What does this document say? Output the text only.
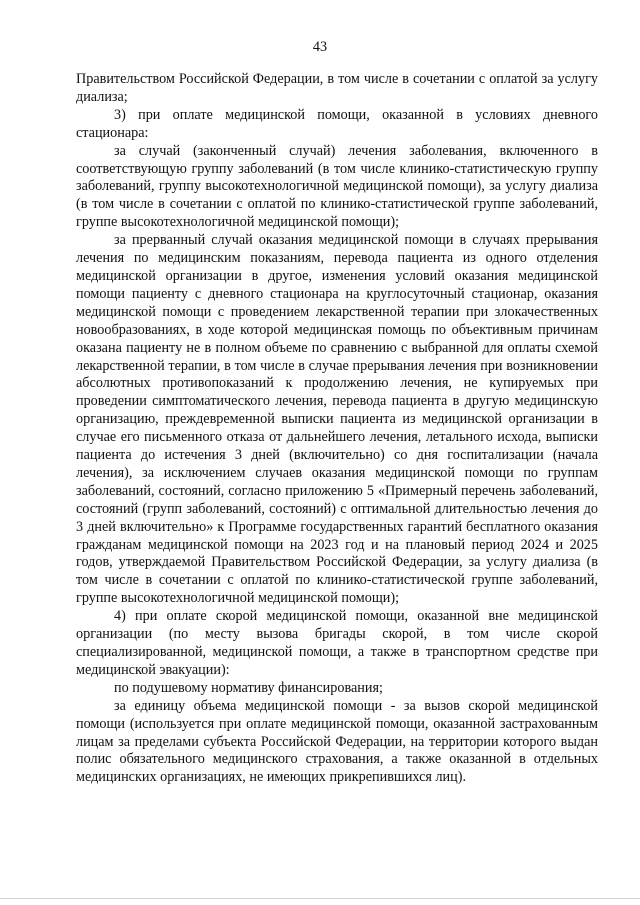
43

Правительством Российской Федерации, в том числе в сочетании с оплатой за услугу диализа;

3) при оплате медицинской помощи, оказанной в условиях дневного стационара:

за случай (законченный случай) лечения заболевания, включенного в соответствующую группу заболеваний (в том числе клинико-статистическую группу заболеваний, группу высокотехнологичной медицинской помощи), за услугу диализа (в том числе в сочетании с оплатой по клинико-статистической группе заболеваний, группе высокотехнологичной медицинской помощи);

за прерванный случай оказания медицинской помощи в случаях прерывания лечения по медицинским показаниям, перевода пациента из одного отделения медицинской организации в другое, изменения условий оказания медицинской помощи пациенту с дневного стационара на круглосуточный стационар, оказания медицинской помощи с проведением лекарственной терапии при злокачественных новообразованиях, в ходе которой медицинская помощь по объективным причинам оказана пациенту не в полном объеме по сравнению с выбранной для оплаты схемой лекарственной терапии, в том числе в случае прерывания лечения при возникновении абсолютных противопоказаний к продолжению лечения, не купируемых при проведении симптоматического лечения, перевода пациента в другую медицинскую организацию, преждевременной выписки пациента из медицинской организации в случае его письменного отказа от дальнейшего лечения, летального исхода, выписки пациента до истечения 3 дней (включительно) со дня госпитализации (начала лечения), за исключением случаев оказания медицинской помощи по группам заболеваний, состояний, согласно приложению 5 «Примерный перечень заболеваний, состояний (групп заболеваний, состояний) с оптимальной длительностью лечения до 3 дней включительно» к Программе государственных гарантий бесплатного оказания гражданам медицинской помощи на 2023 год и на плановый период 2024 и 2025 годов, утверждаемой Правительством Российской Федерации, за услугу диализа (в том числе в сочетании с оплатой по клинико-статистической группе заболеваний, группе высокотехнологичной медицинской помощи);

4) при оплате скорой медицинской помощи, оказанной вне медицинской организации (по месту вызова бригады скорой, в том числе скорой специализированной, медицинской помощи, а также в транспортном средстве при медицинской эвакуации):

по подушевому нормативу финансирования;

за единицу объема медицинской помощи - за вызов скорой медицинской помощи (используется при оплате медицинской помощи, оказанной застрахованным лицам за пределами субъекта Российской Федерации, на территории которого выдан полис обязательного медицинского страхования, а также оказанной в отдельных медицинских организациях, не имеющих прикрепившихся лиц).
